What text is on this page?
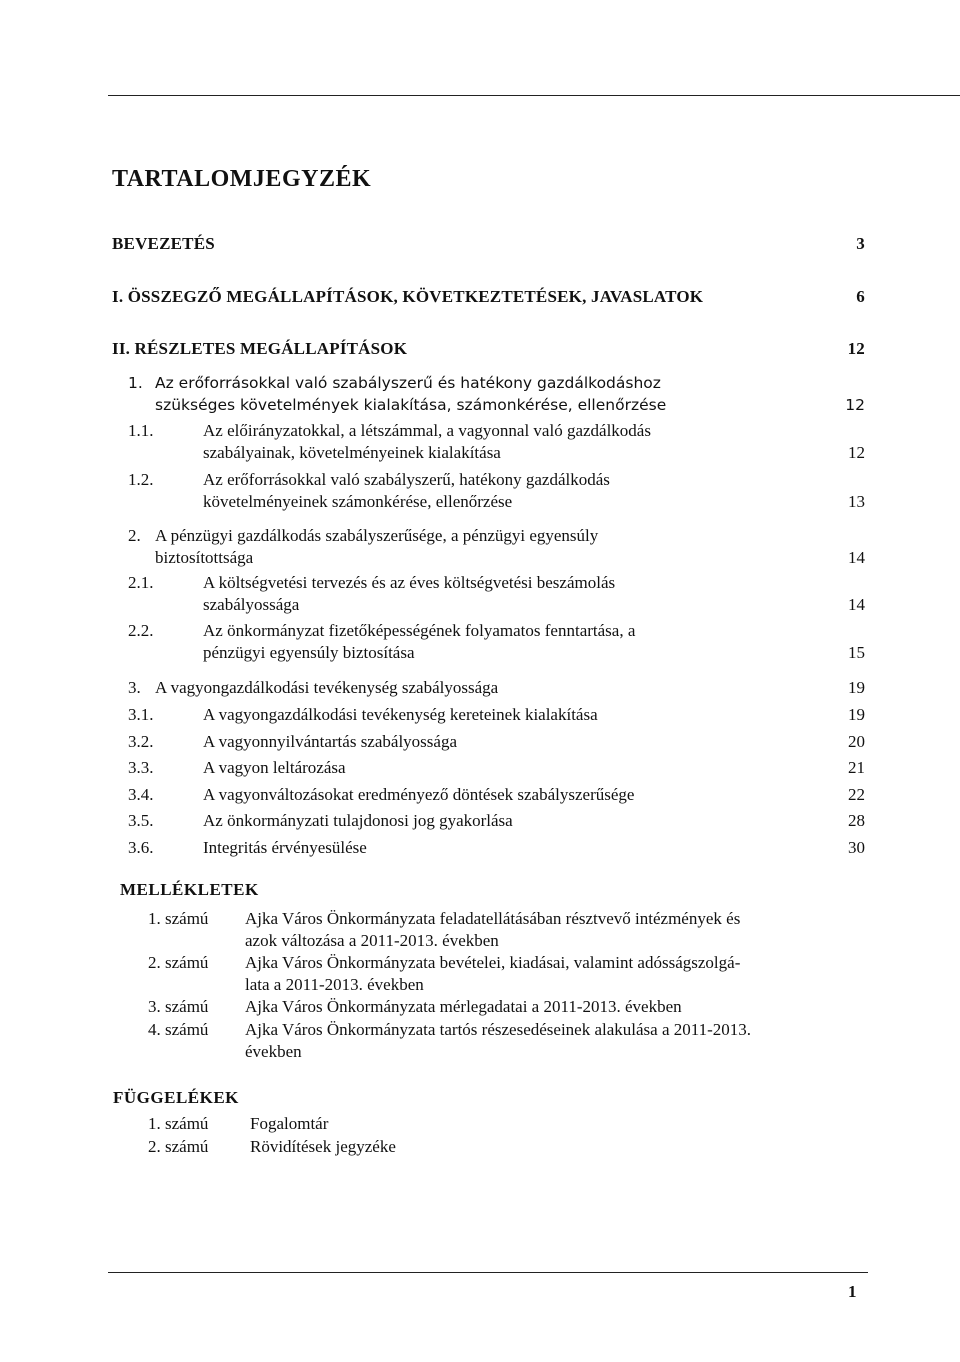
TARTALOMJEGYZÉK
BEVEZETÉS	3
I. ÖSSZEGZŐ MEGÁLLAPÍTÁSOK, KÖVETKEZTETÉSEK, JAVASLATOK	6
II. RÉSZLETES MEGÁLLAPÍTÁSOK	12
1. Az erőforrásokkal való szabályszerű és hatékony gazdálkodáshoz
szükséges követelmények kialakítása, számonkérése, ellenőrzése	12
1.1.	Az előirányzatokkal, a létszámmal, a vagyonnal való gazdálkodás
szabályainak, követelményeinek kialakítása	12
1.2.	Az erőforrásokkal való szabályszerű, hatékony gazdálkodás
követelményeinek számonkérése, ellenőrzése	13
2. A pénzügyi gazdálkodás szabályszerűsége, a pénzügyi egyensúly
biztosítottsága	14
2.1.	A költségvetési tervezés és az éves költségvetési beszámolás
szabályossága	14
2.2.	Az önkormányzat fizetőképességének folyamatos fenntartása, a
pénzügyi egyensúly biztosítása	15
3. A vagyongazdálkodási tevékenység szabályossága	19
3.1.	A vagyongazdálkodási tevékenység kereteinek kialakítása	19
3.2.	A vagyonnyilvántartás szabályossága	20
3.3.	A vagyon leltározása	21
3.4.	A vagyonváltozásokat eredményező döntések szabályszerűsége	22
3.5.	Az önkormányzati tulajdonosi jog gyakorlása	28
3.6.	Integritás érvényesülése	30
MELLÉKLETEK
1. számú Ajka Város Önkormányzata feladatellátásában résztvevő intézmények és
azok változása a 2011-2013. években
2. számú Ajka Város Önkormányzata bevételei, kiadásai, valamint adósságszolgá-
lata a 2011-2013. években
3. számú Ajka Város Önkormányzata mérlegadatai a 2011-2013. években
4. számú Ajka Város Önkormányzata tartós részesedéseinek alakulása a 2011-2013.
években
FÜGGELÉKEK
1. számú Fogalomtár
2. számú Rövidítések jegyzéke
1
